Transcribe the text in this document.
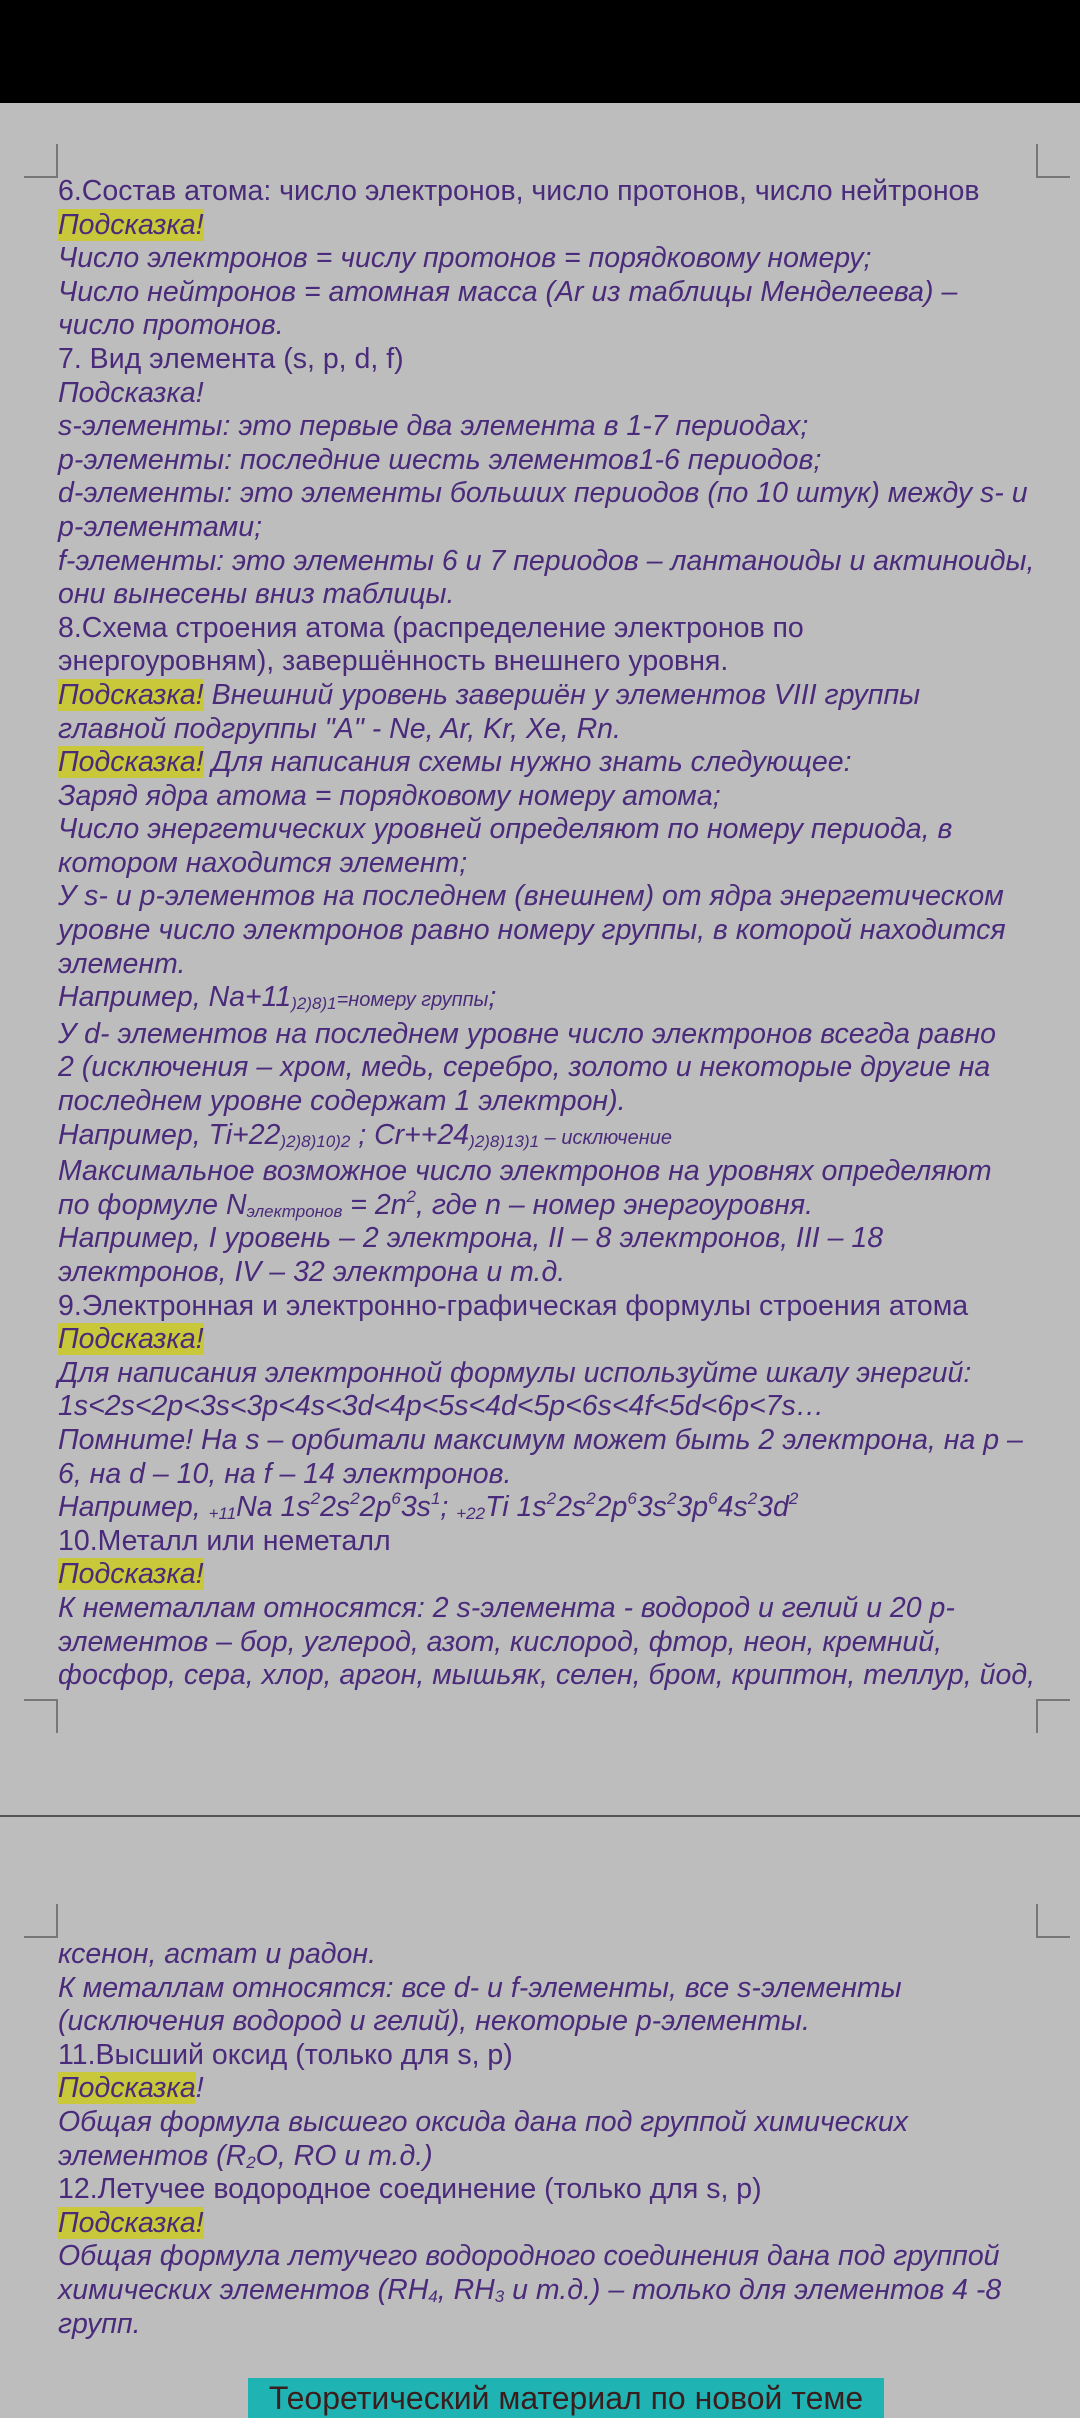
6.Состав атома: число электронов, число протонов, число нейтронов

Подсказка!

Число электронов = числу протонов = порядковому номеру;

Число нейтронов = атомная масса (Ar из таблицы Менделеева) –

число протонов.

7. Вид элемента (s, p, d, f)

Подсказка!

s-элементы: это первые два элемента в 1-7 периодах;

p-элементы: последние шесть элементов1-6 периодов;

d-элементы: это элементы больших периодов (по 10 штук) между s- и

p-элементами;

f-элементы: это элементы 6 и 7 периодов – лантаноиды и актиноиды,

они вынесены вниз таблицы.

8.Схема строения атома (распределение электронов по

энергоуровням), завершённость внешнего уровня.

Подсказка! Внешний уровень завершён у элементов VIII группы

главной подгруппы "A" - Ne, Ar, Kr, Xe, Rn.

Подсказка! Для написания схемы нужно знать следующее:

Заряд ядра атома = порядковому номеру атома;

Число энергетических уровней определяют по номеру периода, в

котором находится элемент;

У s- и p-элементов на последнем (внешнем) от ядра энергетическом

уровне число электронов равно номеру группы, в которой находится

элемент.

Например, $Na+11_{)2)8)1}=номеру$ группы;

У d- элементов на последнем уровне число электронов всегда равно

2 (исключения – хром, медь, серебро, золото и некоторые другие на

последнем уровне содержат 1 электрон).

Например, $Ti+22_{)2)8)10)2}$ ; $Cr++24_{)2)8)13)1}$ – исключение

Максимальное возможное число электронов на уровнях определяют

по формуле $N_{электронов} = 2n^2$, где n – номер энергоуровня.

Например, I уровень – 2 электрона, II – 8 электронов, III – 18

электронов, IV – 32 электрона и т.д.

9.Электронная и электронно-графическая формулы строения атома

Подсказка!

Для написания электронной формулы используйте шкалу энергий:

1s<2s<2p<3s<3p<4s<3d<4p<5s<4d<5p<6s<4f<5d<6p<7s…

Помните! На s – орбитали максимум может быть 2 электрона, на p –

6, на d – 10, на f – 14 электронов.

Например, $_{+11}$Na $1s^22s^22p^63s^1$; $_{+22}$Ti $1s^22s^22p^63s^23p^64s^23d^2$

10.Металл или неметалл

Подсказка!

К неметаллам относятся: 2 s-элемента - водород и гелий и 20 p-

элементов – бор, углерод, азот, кислород, фтор, неон, кремний,

фосфор, сера, хлор, аргон, мышьяк, селен, бром, криптон, теллур, йод,

ксенон, астат и радон.

К металлам относятся: все d- и f-элементы, все s-элементы

(исключения водород и гелий), некоторые p-элементы.

11.Высший оксид (только для s, p)

Подсказка!

Общая формула высшего оксида дана под группой химических

элементов ($R_2O$, RO и т.д.)

12.Летучее водородное соединение (только для s, p)

Подсказка!

Общая формула летучего водородного соединения дана под группой

химических элементов ($RH_4$, $RH_3$ и т.д.) – только для элементов 4 -8

групп.

Теоретический материал по новой теме
